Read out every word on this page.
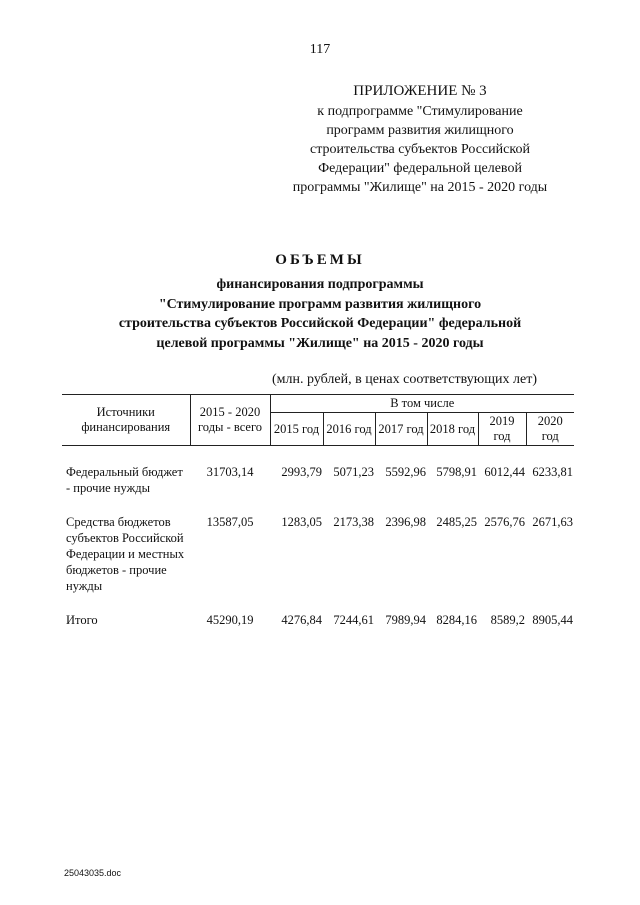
117
ПРИЛОЖЕНИЕ № 3
к подпрограмме "Стимулирование
программ развития жилищного
строительства субъектов Российской
Федерации" федеральной целевой
программы "Жилище" на 2015 - 2020 годы
ОБЪЕМЫ
финансирования подпрограммы
"Стимулирование программ развития жилищного
строительства субъектов Российской Федерации" федеральной
целевой программы "Жилище" на 2015 - 2020 годы
(млн. рублей, в ценах соответствующих лет)
Источники финансирования	2015 - 2020 годы - всего	В том числе					
		2015 год	2016 год	2017 год	2018 год	2019 год	2020 год

Федеральный бюджет - прочие нужды	31703,14	2993,79	5071,23	5592,96	5798,91	6012,44	6233,81

Средства бюджетов субъектов Российской Федерации и местных бюджетов - прочие нужды	13587,05	1283,05	2173,38	2396,98	2485,25	2576,76	2671,63

Итого	45290,19	4276,84	7244,61	7989,94	8284,16	8589,2	8905,44
25043035.doc
